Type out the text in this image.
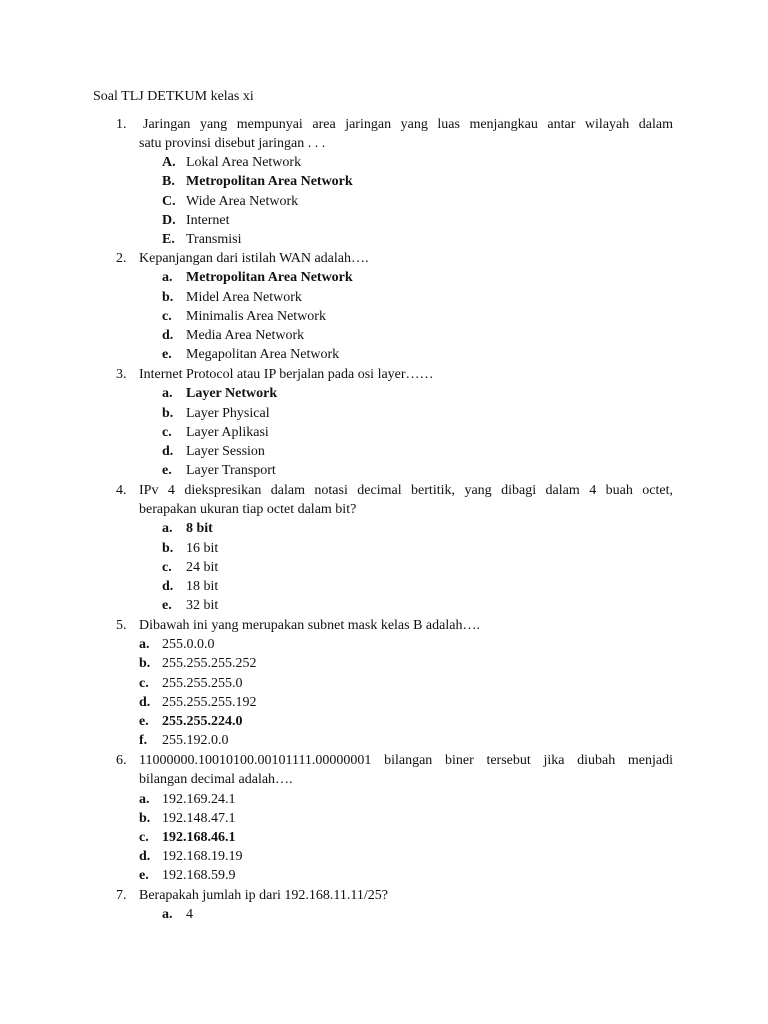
Soal TLJ DETKUM kelas xi
1. Jaringan yang mempunyai area jaringan yang luas menjangkau antar wilayah dalam
satu provinsi disebut jaringan . . .
A. Lokal Area Network
B. Metropolitan Area Network
C. Wide Area Network
D. Internet
E. Transmisi
2. Kepanjangan dari istilah WAN adalah….
a. Metropolitan Area Network
b. Midel Area Network
c. Minimalis Area Network
d. Media Area Network
e. Megapolitan Area Network
3. Internet Protocol atau IP berjalan pada osi layer……
a. Layer Network
b. Layer Physical
c. Layer Aplikasi
d. Layer Session
e. Layer Transport
4. IPv 4 diekspresikan dalam notasi decimal bertitik, yang dibagi dalam 4 buah octet,
berapakan ukuran tiap octet dalam bit?
a. 8 bit
b. 16 bit
c. 24 bit
d. 18 bit
e. 32 bit
5. Dibawah ini yang merupakan subnet mask kelas B adalah….
a. 255.0.0.0
b. 255.255.255.252
c. 255.255.255.0
d. 255.255.255.192
e. 255.255.224.0
f. 255.192.0.0
6. 11000000.10010100.00101111.00000001 bilangan biner tersebut jika diubah menjadi
bilangan decimal adalah….
a. 192.169.24.1
b. 192.148.47.1
c. 192.168.46.1
d. 192.168.19.19
e. 192.168.59.9
7. Berapakah jumlah ip dari 192.168.11.11/25?
a. 4
